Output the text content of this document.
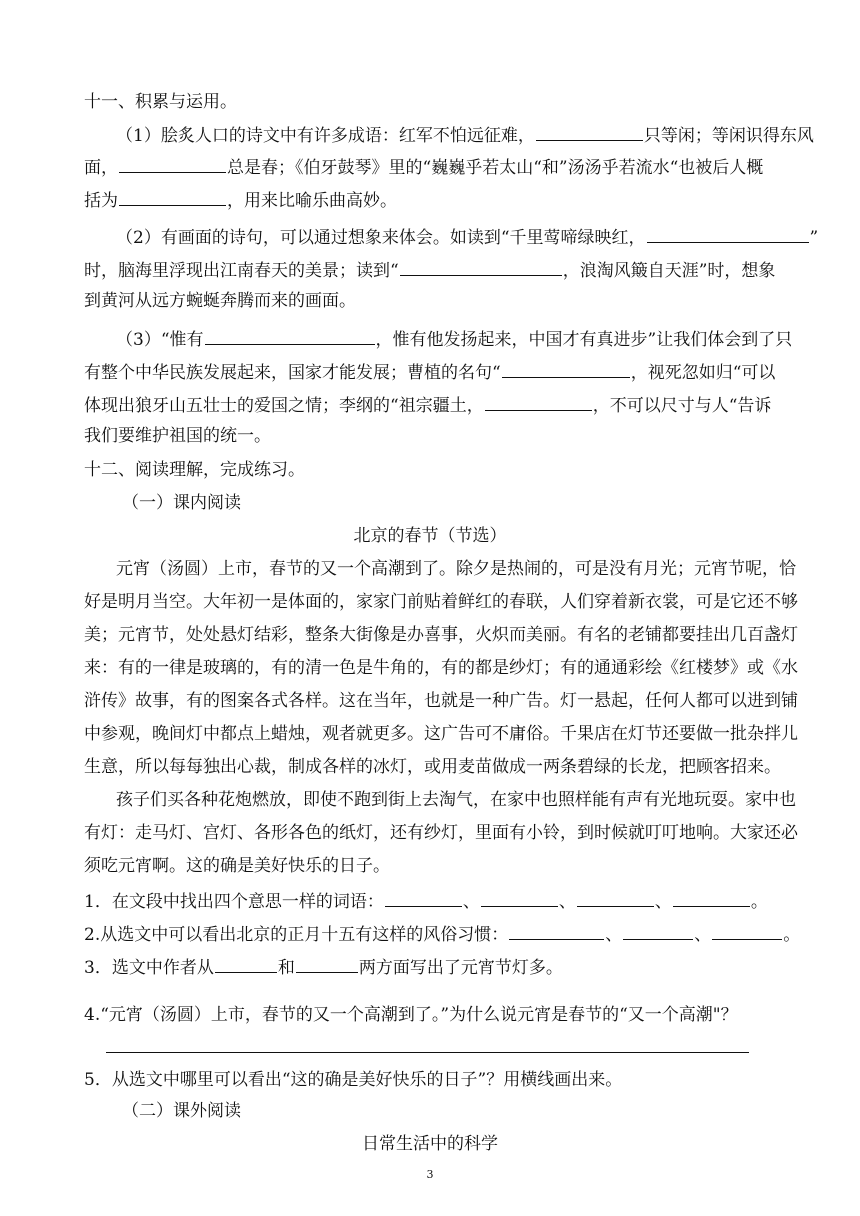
十一、积累与运用。
（1）脍炙人口的诗文中有许多成语：红军不怕远征难，	只等闲；等闲识得东风
面，	总是春；《伯牙鼓琴》里的“巍巍乎若太山“和”汤汤乎若流水“也被后人概
括为	，用来比喻乐曲高妙。
（2）有画面的诗句，可以通过想象来体会。如读到“千里莺啼绿映红，	”
时，脑海里浮现出江南春天的美景；读到“	，浪淘风簸自天涯”时，想象
到黄河从远方蜿蜒奔腾而来的画面。
（3）“惟有	，惟有他发扬起来，中国才有真进步”让我们体会到了只
有整个中华民族发展起来，国家才能发展；曹植的名句“	，视死忽如归“可以
体现出狼牙山五壮士的爱国之情；李纲的“祖宗疆土，	，不可以尺寸与人“告诉
我们要维护祖国的统一。
十二、阅读理解，完成练习。
（一）课内阅读
北京的春节（节选）
元宵（汤圆）上市，春节的又一个高潮到了。除夕是热闹的，可是没有月光；元宵节呢，恰
好是明月当空。大年初一是体面的，家家门前贴着鲜红的春联，人们穿着新衣裳，可是它还不够
美；元宵节，处处悬灯结彩，整条大街像是办喜事，火炽而美丽。有名的老铺都要挂出几百盏灯
来：有的一律是玻璃的，有的清一色是牛角的，有的都是纱灯；有的通通彩绘《红楼梦》或《水
浒传》故事，有的图案各式各样。这在当年，也就是一种广告。灯一悬起，任何人都可以进到铺
中参观，晚间灯中都点上蜡烛，观者就更多。这广告可不庸俗。千果店在灯节还要做一批杂拌儿
生意，所以每每独出心裁，制成各样的冰灯，或用麦苗做成一两条碧绿的长龙，把顾客招来。
孩子们买各种花炮燃放，即使不跑到街上去淘气，在家中也照样能有声有光地玩耍。家中也
有灯：走马灯、宫灯、各形各色的纸灯，还有纱灯，里面有小铃，到时候就叮叮地响。大家还必
须吃元宵啊。这的确是美好快乐的日子。
1．在文段中找出四个意思一样的词语：	、	、	、	。
2.从选文中可以看出北京的正月十五有这样的风俗习惯：	、	、	。
3．选文中作者从	和	两方面写出了元宵节灯多。
4.“元宵（汤圆）上市，春节的又一个高潮到了。”为什么说元宵是春节的“又一个高潮"？
5．从选文中哪里可以看出“这的确是美好快乐的日子”？用横线画出来。
（二）课外阅读
日常生活中的科学
3
